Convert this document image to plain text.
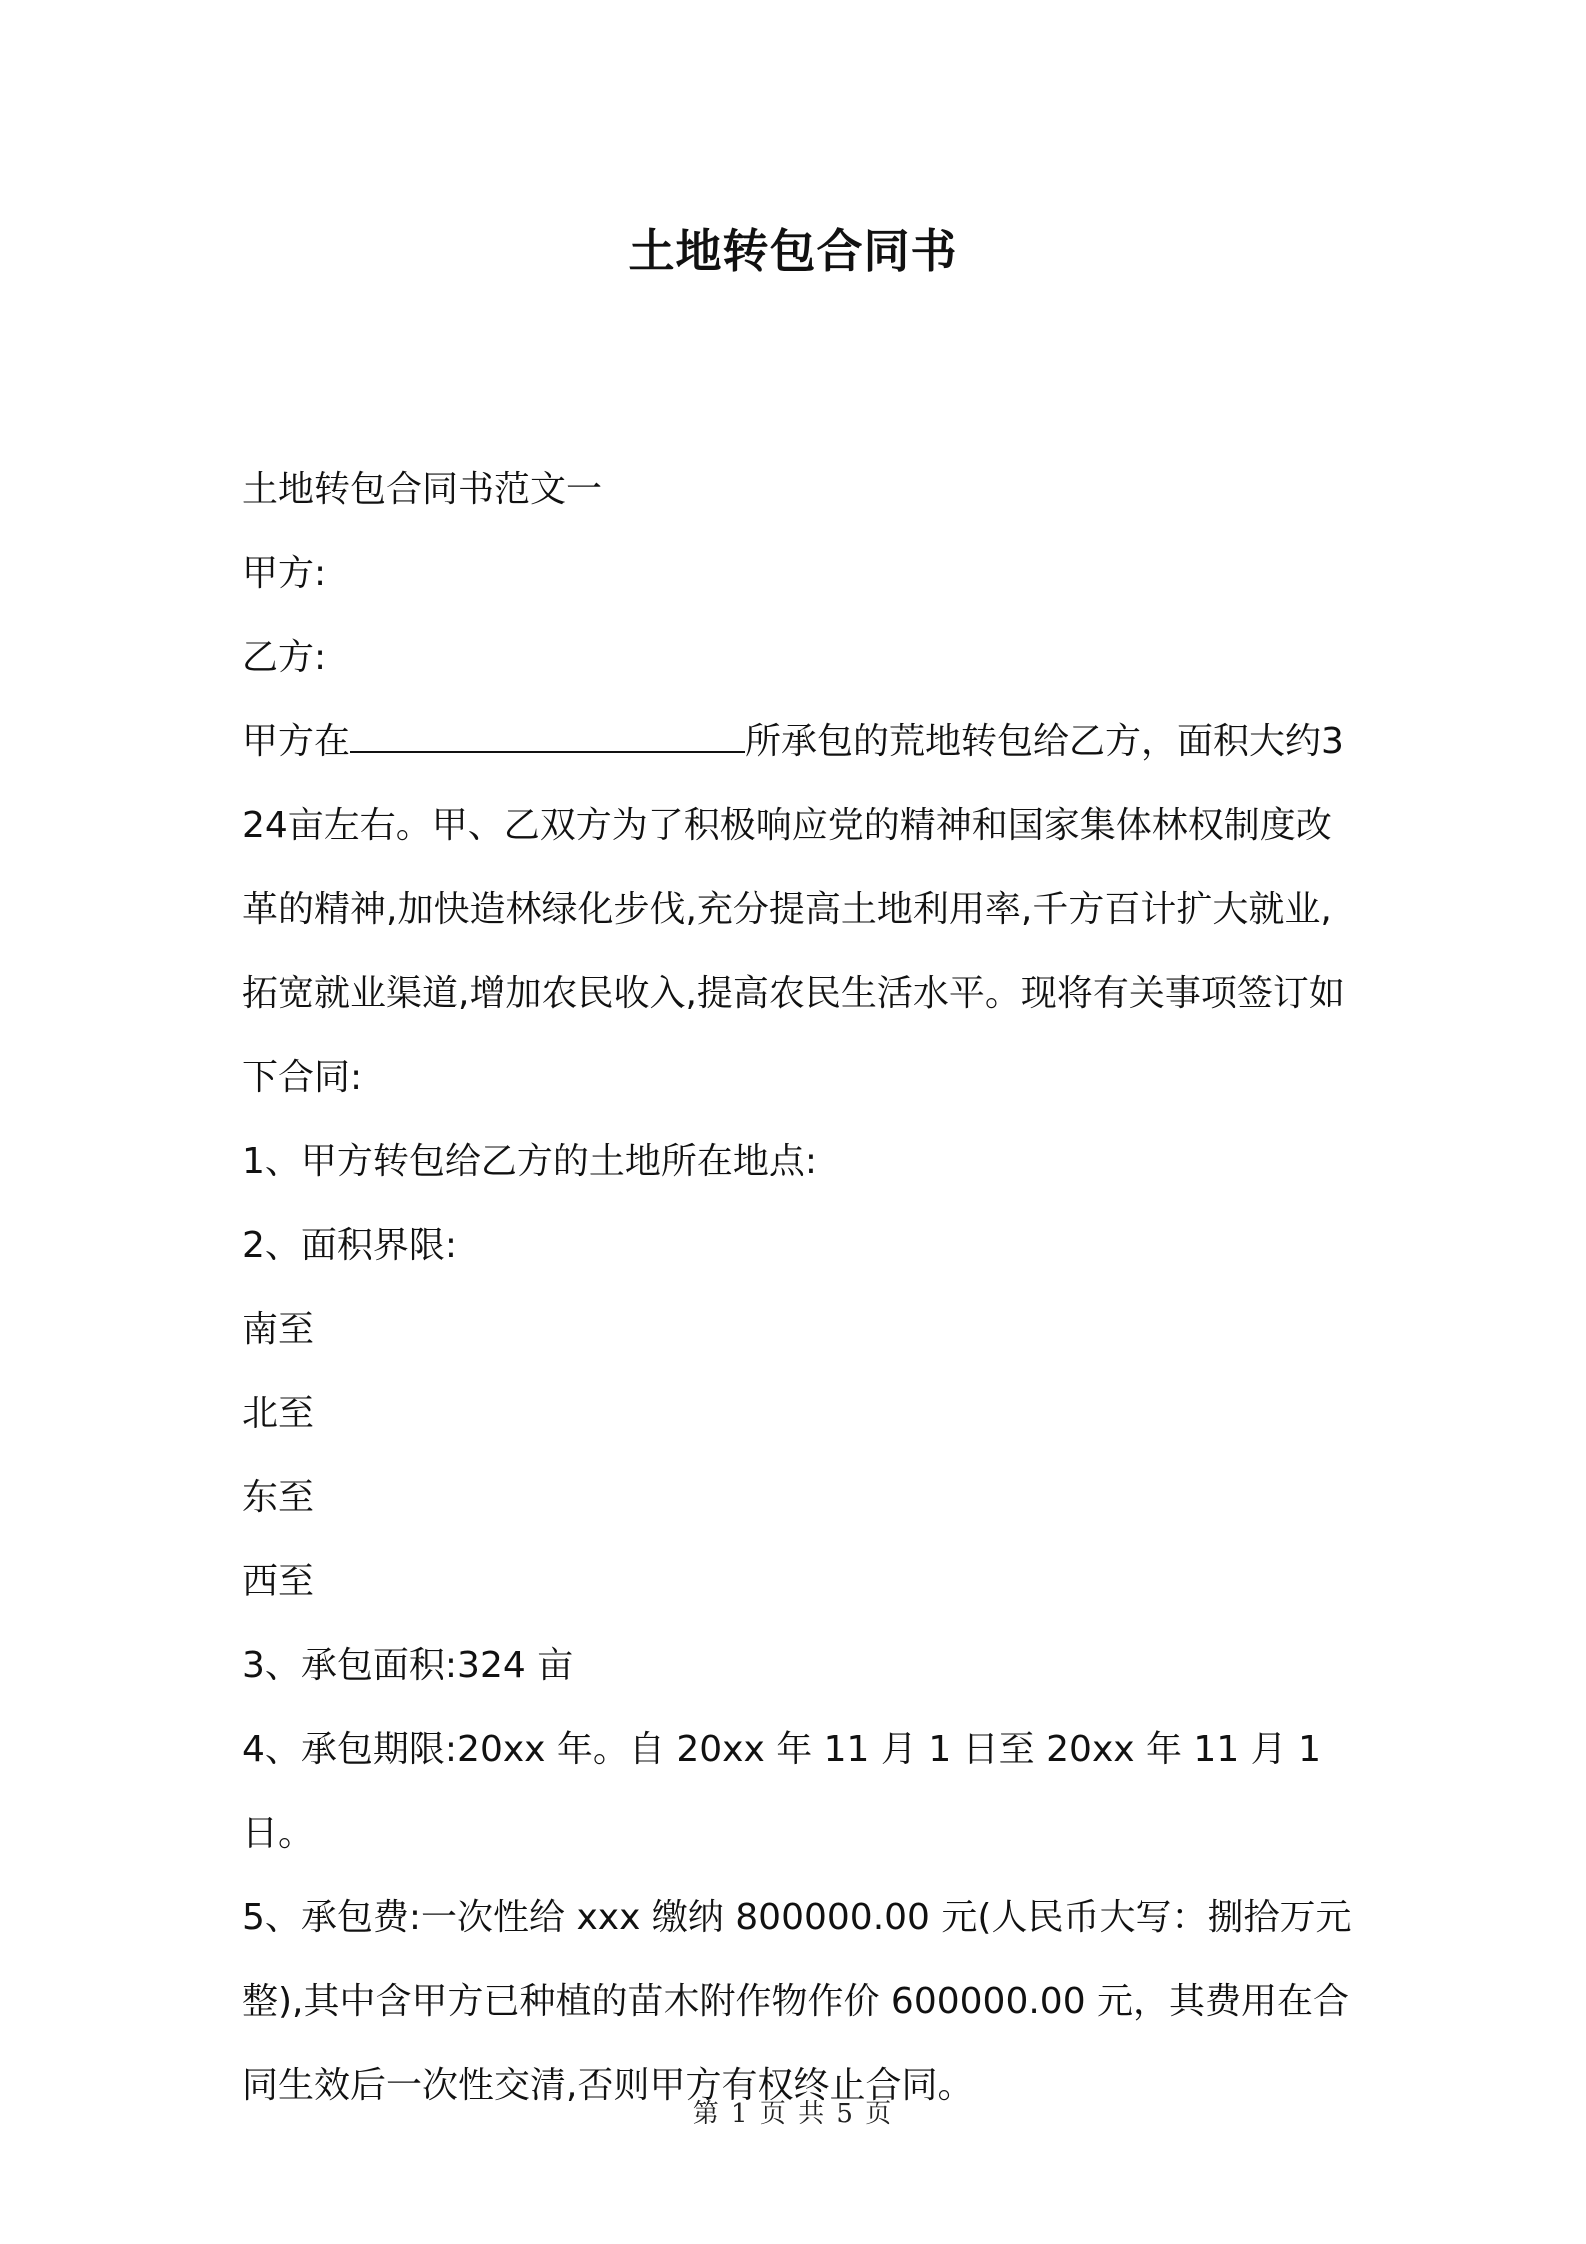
土地转包合同书

土地转包合同书范文一

甲方:

乙方:

甲方在	所承包的荒地转包给乙方，面积大约324亩左右。甲、乙双方为了积极响应党的精神和国家集体林权制度改革的精神,加快造林绿化步伐,充分提高土地利用率,千方百计扩大就业,拓宽就业渠道,增加农民收入,提高农民生活水平。现将有关事项签订如下合同:

1、甲方转包给乙方的土地所在地点:

2、面积界限:

南至

北至

东至

西至

3、承包面积:324 亩

4、承包期限:20xx 年。自 20xx 年 11 月 1 日至 20xx 年 11 月 1 日。

5、承包费:一次性给 xxx 缴纳 800000.00 元(人民币大写：捌拾万元整),其中含甲方已种植的苗木附作物作价 600000.00 元，其费用在合同生效后一次性交清,否则甲方有权终止合同。

第 1 页 共 5 页
